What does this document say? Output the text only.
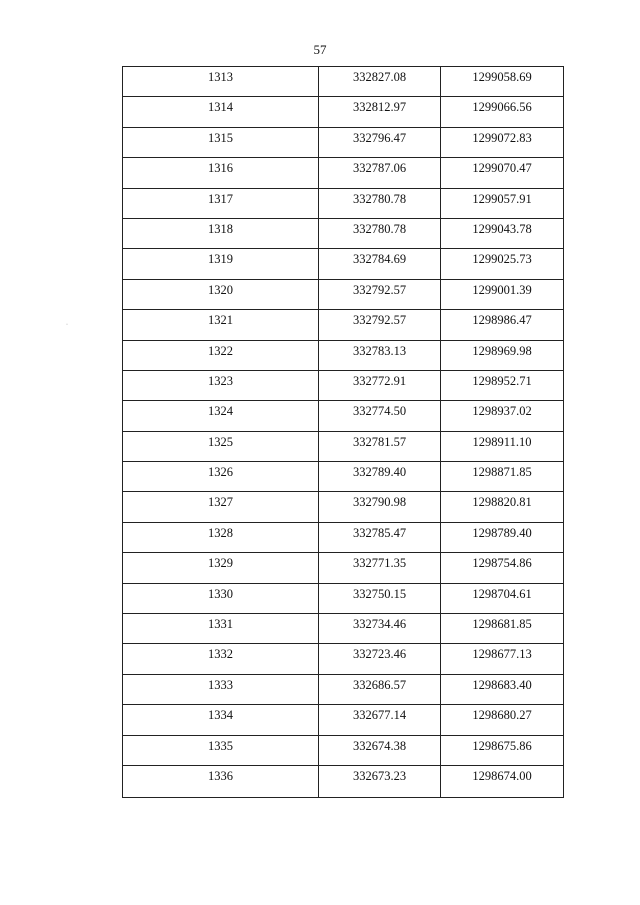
57
·
1313	332827.08	1299058.69
1314	332812.97	1299066.56
1315	332796.47	1299072.83
1316	332787.06	1299070.47
1317	332780.78	1299057.91
1318	332780.78	1299043.78
1319	332784.69	1299025.73
1320	332792.57	1299001.39
1321	332792.57	1298986.47
1322	332783.13	1298969.98
1323	332772.91	1298952.71
1324	332774.50	1298937.02
1325	332781.57	1298911.10
1326	332789.40	1298871.85
1327	332790.98	1298820.81
1328	332785.47	1298789.40
1329	332771.35	1298754.86
1330	332750.15	1298704.61
1331	332734.46	1298681.85
1332	332723.46	1298677.13
1333	332686.57	1298683.40
1334	332677.14	1298680.27
1335	332674.38	1298675.86
1336	332673.23	1298674.00
